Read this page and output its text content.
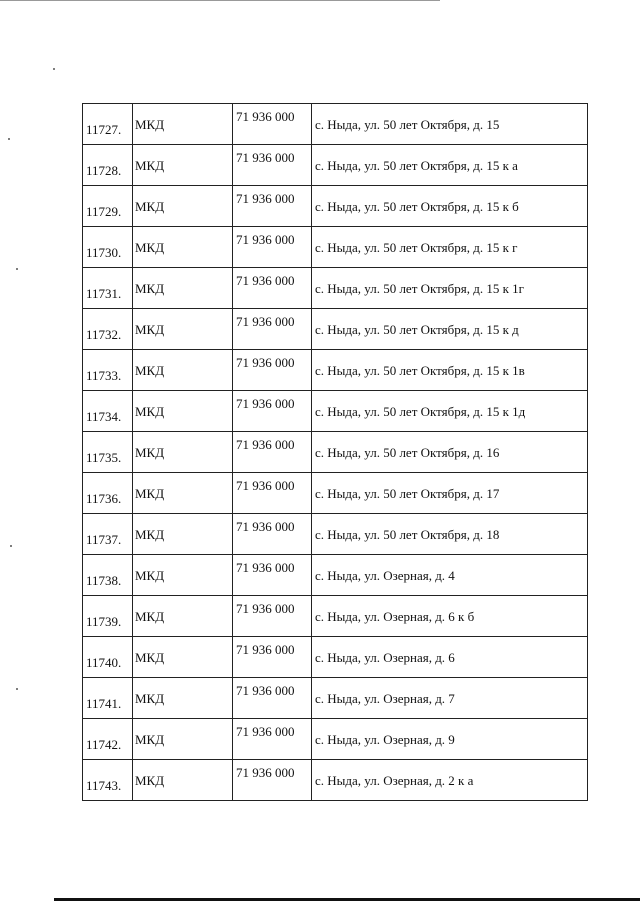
11727.	МКД	71 936 000	с. Ныда, ул. 50 лет Октября, д. 15

11728.	МКД	71 936 000	с. Ныда, ул. 50 лет Октября, д. 15 к а

11729.	МКД	71 936 000	с. Ныда, ул. 50 лет Октября, д. 15 к б

11730.	МКД	71 936 000	с. Ныда, ул. 50 лет Октября, д. 15 к г

11731.	МКД	71 936 000	с. Ныда, ул. 50 лет Октября, д. 15 к 1г

11732.	МКД	71 936 000	с. Ныда, ул. 50 лет Октября, д. 15 к д

11733.	МКД	71 936 000	с. Ныда, ул. 50 лет Октября, д. 15 к 1в

11734.	МКД	71 936 000	с. Ныда, ул. 50 лет Октября, д. 15 к 1д

11735.	МКД	71 936 000	с. Ныда, ул. 50 лет Октября, д. 16

11736.	МКД	71 936 000	с. Ныда, ул. 50 лет Октября, д. 17

11737.	МКД	71 936 000	с. Ныда, ул. 50 лет Октября, д. 18

11738.	МКД	71 936 000	с. Ныда, ул. Озерная, д. 4

11739.	МКД	71 936 000	с. Ныда, ул. Озерная, д. 6 к б

11740.	МКД	71 936 000	с. Ныда, ул. Озерная, д. 6

11741.	МКД	71 936 000	с. Ныда, ул. Озерная, д. 7

11742.	МКД	71 936 000	с. Ныда, ул. Озерная, д. 9

11743.	МКД	71 936 000	с. Ныда, ул. Озерная, д. 2 к а
